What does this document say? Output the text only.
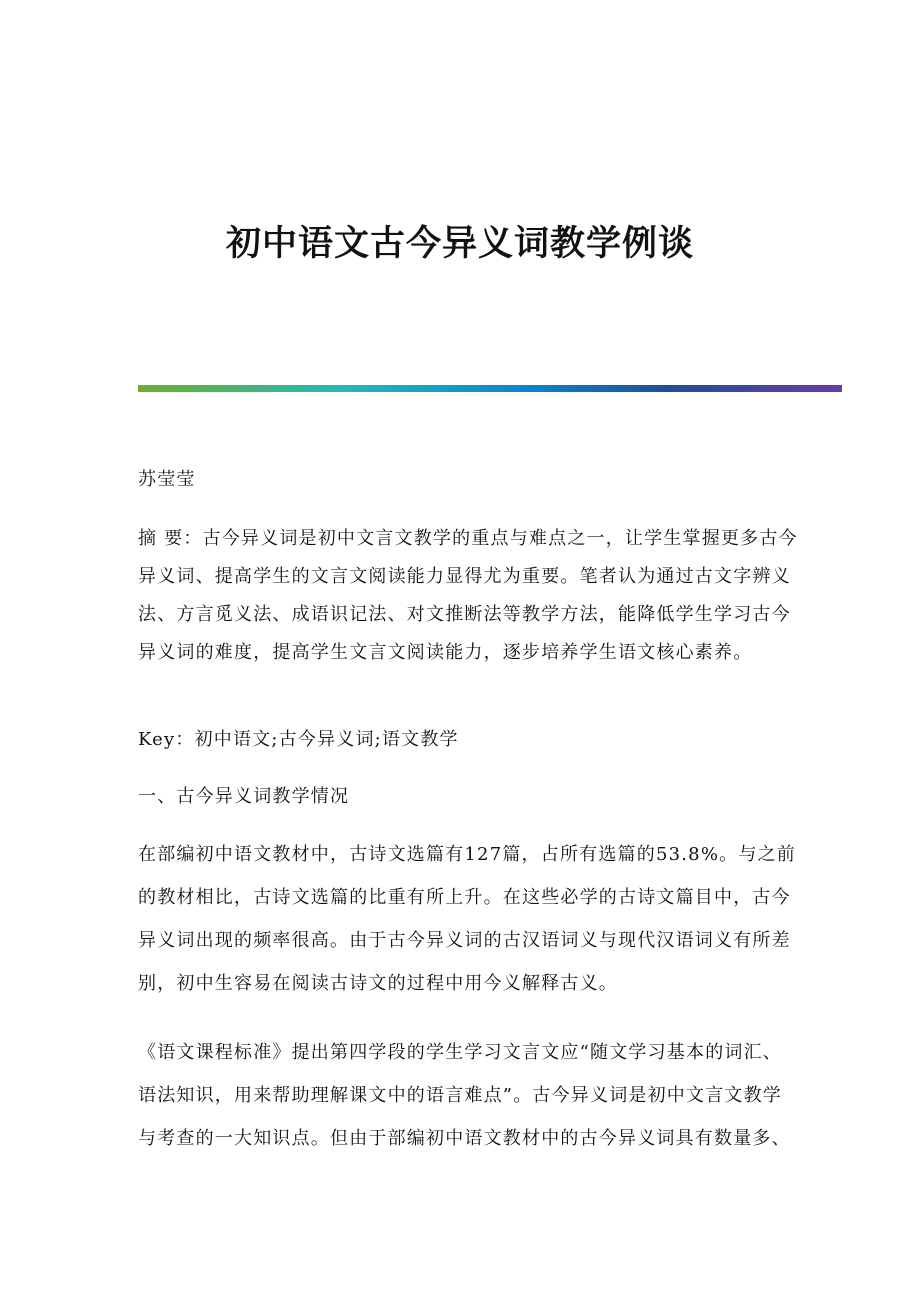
初中语文古今异义词教学例谈
苏莹莹
摘 要：古今异义词是初中文言文教学的重点与难点之一，让学生掌握更多古今
异义词、提高学生的文言文阅读能力显得尤为重要。笔者认为通过古文字辨义
法、方言觅义法、成语识记法、对文推断法等教学方法，能降低学生学习古今
异义词的难度，提高学生文言文阅读能力，逐步培养学生语文核心素养。
Key：初中语文;古今异义词;语文教学
一、古今异义词教学情况
在部编初中语文教材中，古诗文选篇有127篇，占所有选篇的53.8%。与之前
的教材相比，古诗文选篇的比重有所上升。在这些必学的古诗文篇目中，古今
异义词出现的频率很高。由于古今异义词的古汉语词义与现代汉语词义有所差
别，初中生容易在阅读古诗文的过程中用今义解释古义。
《语文课程标准》提出第四学段的学生学习文言文应“随文学习基本的词汇、
语法知识，用来帮助理解课文中的语言难点”。古今异义词是初中文言文教学
与考查的一大知识点。但由于部编初中语文教材中的古今异义词具有数量多、
